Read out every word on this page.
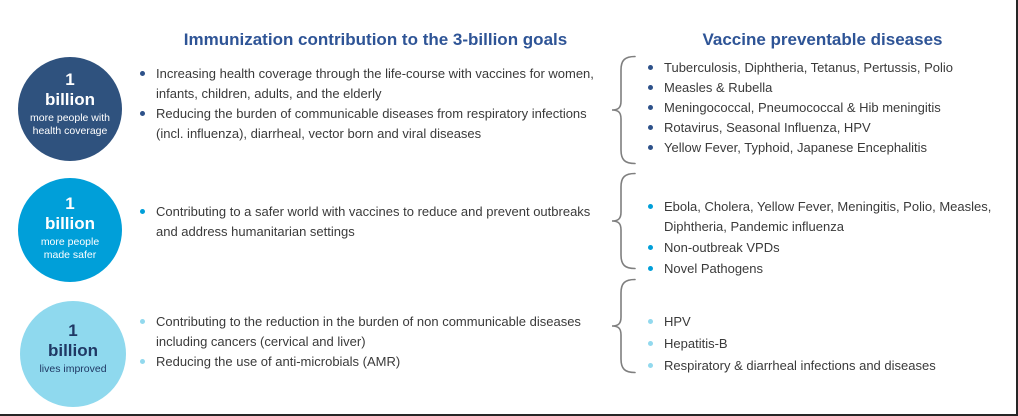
Immunization contribution to the 3-billion goals	Vaccine preventable diseases
1
billion
more people with health coverage
1
billion
more people made safer
1
billion
lives improved
Increasing health coverage through the life-course with vaccines for women, infants, children, adults, and the elderly
Reducing the burden of communicable diseases from respiratory infections (incl. influenza), diarrheal, vector born and viral diseases
Contributing to a safer world with vaccines to reduce and prevent outbreaks and address humanitarian settings
Contributing to the reduction in the burden of non communicable diseases including cancers (cervical and liver)
Reducing the use of anti-microbials (AMR)
Tuberculosis, Diphtheria, Tetanus, Pertussis, Polio
Measles & Rubella
Meningococcal, Pneumococcal & Hib meningitis
Rotavirus, Seasonal Influenza, HPV
Yellow Fever, Typhoid, Japanese Encephalitis
Ebola, Cholera, Yellow Fever, Meningitis, Polio, Measles, Diphtheria, Pandemic influenza
Non-outbreak VPDs
Novel Pathogens
HPV
Hepatitis-B
Respiratory & diarrheal infections and diseases
